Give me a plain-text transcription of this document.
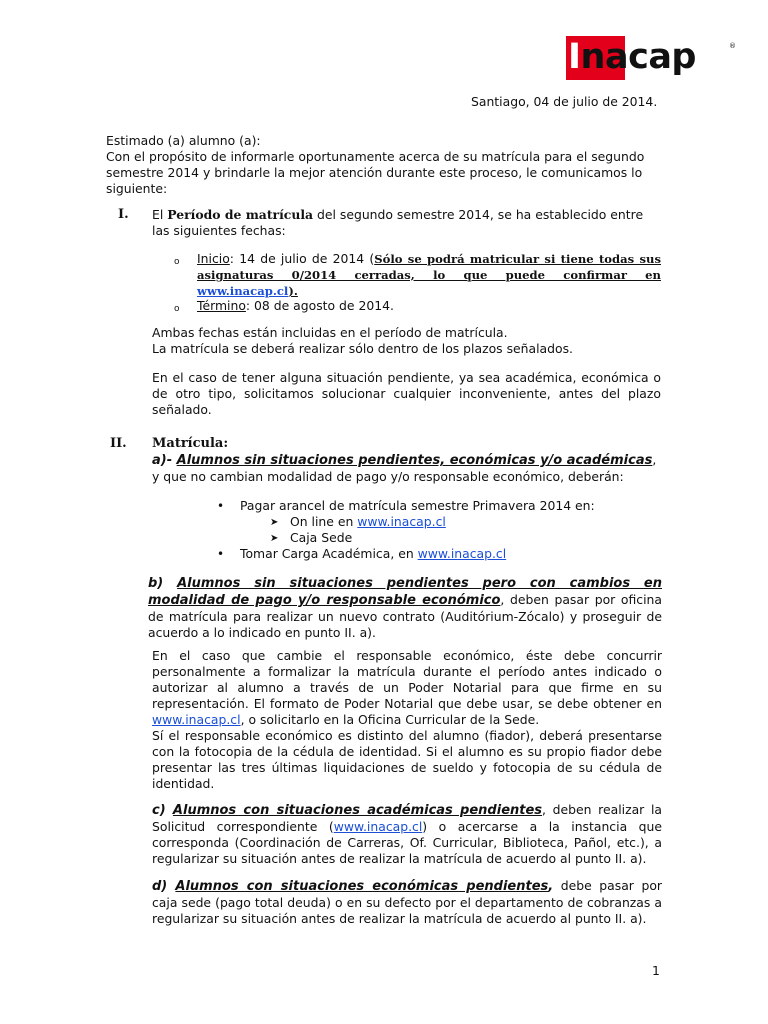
Inacap	®

Santiago, 04 de julio de 2014.

Estimado (a) alumno (a):

Con el propósito de informarle oportunamente acerca de su matrícula para el segundo semestre 2014 y brindarle la mejor atención durante este proceso, le comunicamos lo siguiente:

I. El Período de matrícula del segundo semestre 2014, se ha establecido entre las siguientes fechas:

o Inicio: 14 de julio de 2014 (Sólo se podrá matricular si tiene todas sus asignaturas 0/2014 cerradas, lo que puede confirmar en www.inacap.cl).

o Término: 08 de agosto de 2014.

Ambas fechas están incluidas en el período de matrícula.

La matrícula se deberá realizar sólo dentro de los plazos señalados.

En el caso de tener alguna situación pendiente, ya sea académica, económica o de otro tipo, solicitamos solucionar cualquier inconveniente, antes del plazo señalado.

II. Matrícula:

a)- Alumnos sin situaciones pendientes, económicas y/o académicas, y que no cambian modalidad de pago y/o responsable económico, deberán:

• Pagar arancel de matrícula semestre Primavera 2014 en:

➤ On line en www.inacap.cl

➤ Caja Sede

• Tomar Carga Académica, en www.inacap.cl

b) Alumnos sin situaciones pendientes pero con cambios en modalidad de pago y/o responsable económico, deben pasar por oficina de matrícula para realizar un nuevo contrato (Auditórium-Zócalo) y proseguir de acuerdo a lo indicado en punto II. a).

En el caso que cambie el responsable económico, éste debe concurrir personalmente a formalizar la matrícula durante el período antes indicado o autorizar al alumno a través de un Poder Notarial para que firme en su representación. El formato de Poder Notarial que debe usar, se debe obtener en www.inacap.cl, o solicitarlo en la Oficina Curricular de la Sede.

Sí el responsable económico es distinto del alumno (fiador), deberá presentarse con la fotocopia de la cédula de identidad. Si el alumno es su propio fiador debe presentar las tres últimas liquidaciones de sueldo y fotocopia de su cédula de identidad.

c) Alumnos con situaciones académicas pendientes, deben realizar la Solicitud correspondiente (www.inacap.cl) o acercarse a la instancia que corresponda (Coordinación de Carreras, Of. Curricular, Biblioteca, Pañol, etc.), a regularizar su situación antes de realizar la matrícula de acuerdo al punto II. a).

d) Alumnos con situaciones económicas pendientes, debe pasar por caja sede (pago total deuda) o en su defecto por el departamento de cobranzas a regularizar su situación antes de realizar la matrícula de acuerdo al punto II. a).

1
